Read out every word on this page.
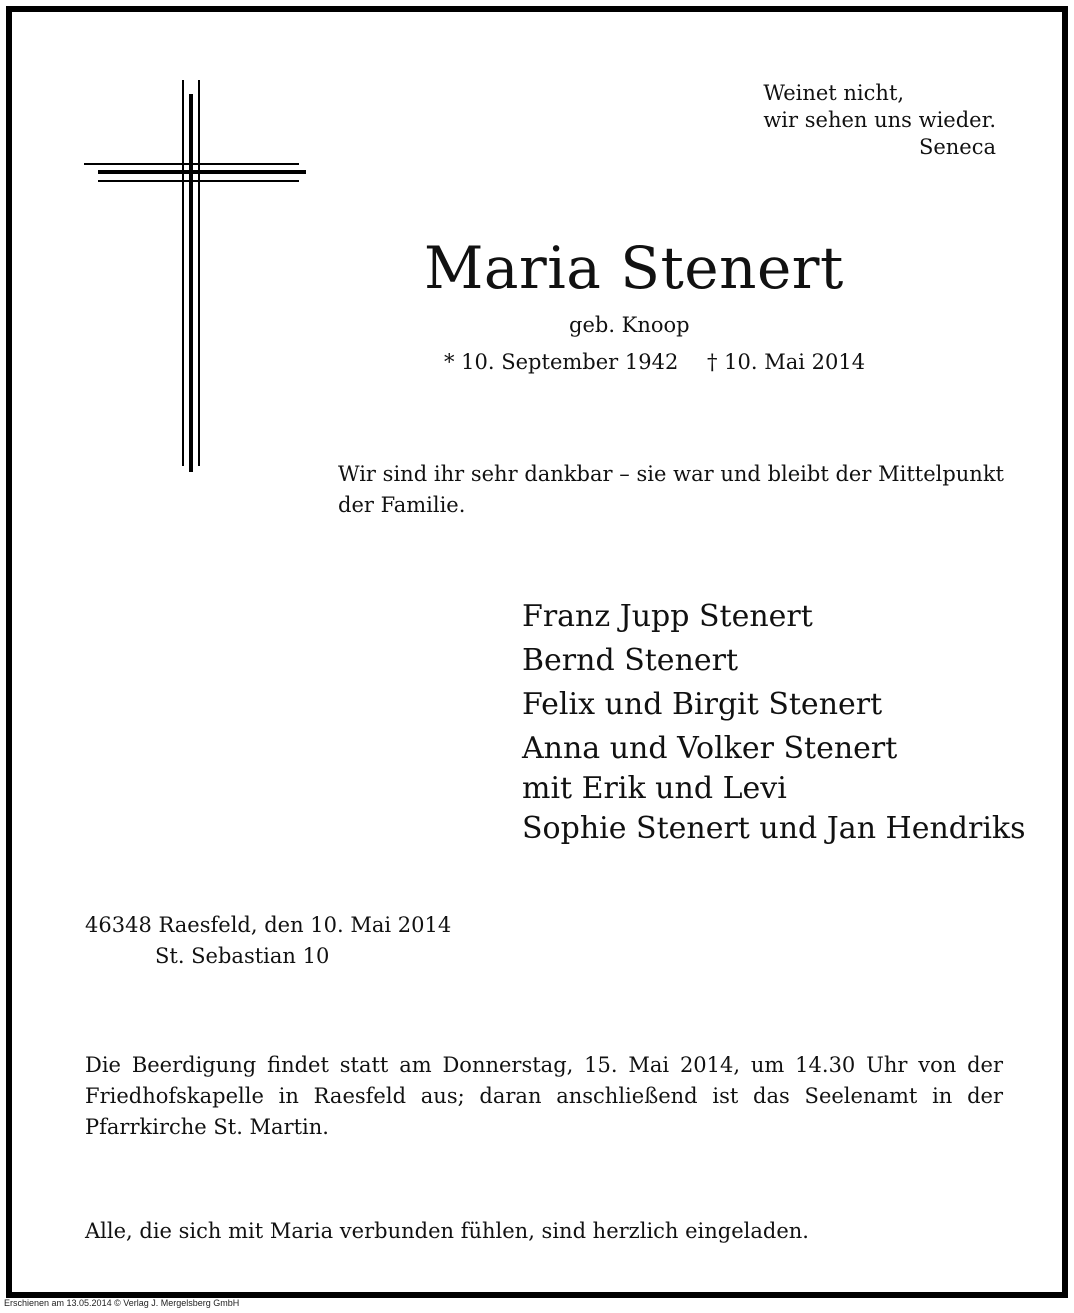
Weinet nicht,
wir sehen uns wieder.
Seneca
Maria Stenert
geb. Knoop
* 10. September 1942 † 10. Mai 2014
Wir sind ihr sehr dankbar – sie war und bleibt der Mittelpunkt der Familie.
Franz Jupp Stenert
Bernd Stenert
Felix und Birgit Stenert
Anna und Volker Stenert
mit Erik und Levi
Sophie Stenert und Jan Hendriks
46348 Raesfeld, den 10. Mai 2014
St. Sebastian 10
Die Beerdigung findet statt am Donnerstag, 15. Mai 2014, um 14.30 Uhr von der Friedhofskapelle in Raesfeld aus; daran anschließend ist das Seelenamt in der Pfarrkirche St. Martin.
Alle, die sich mit Maria verbunden fühlen, sind herzlich eingeladen.
Erschienen am 13.05.2014 © Verlag J. Mergelsberg GmbH
